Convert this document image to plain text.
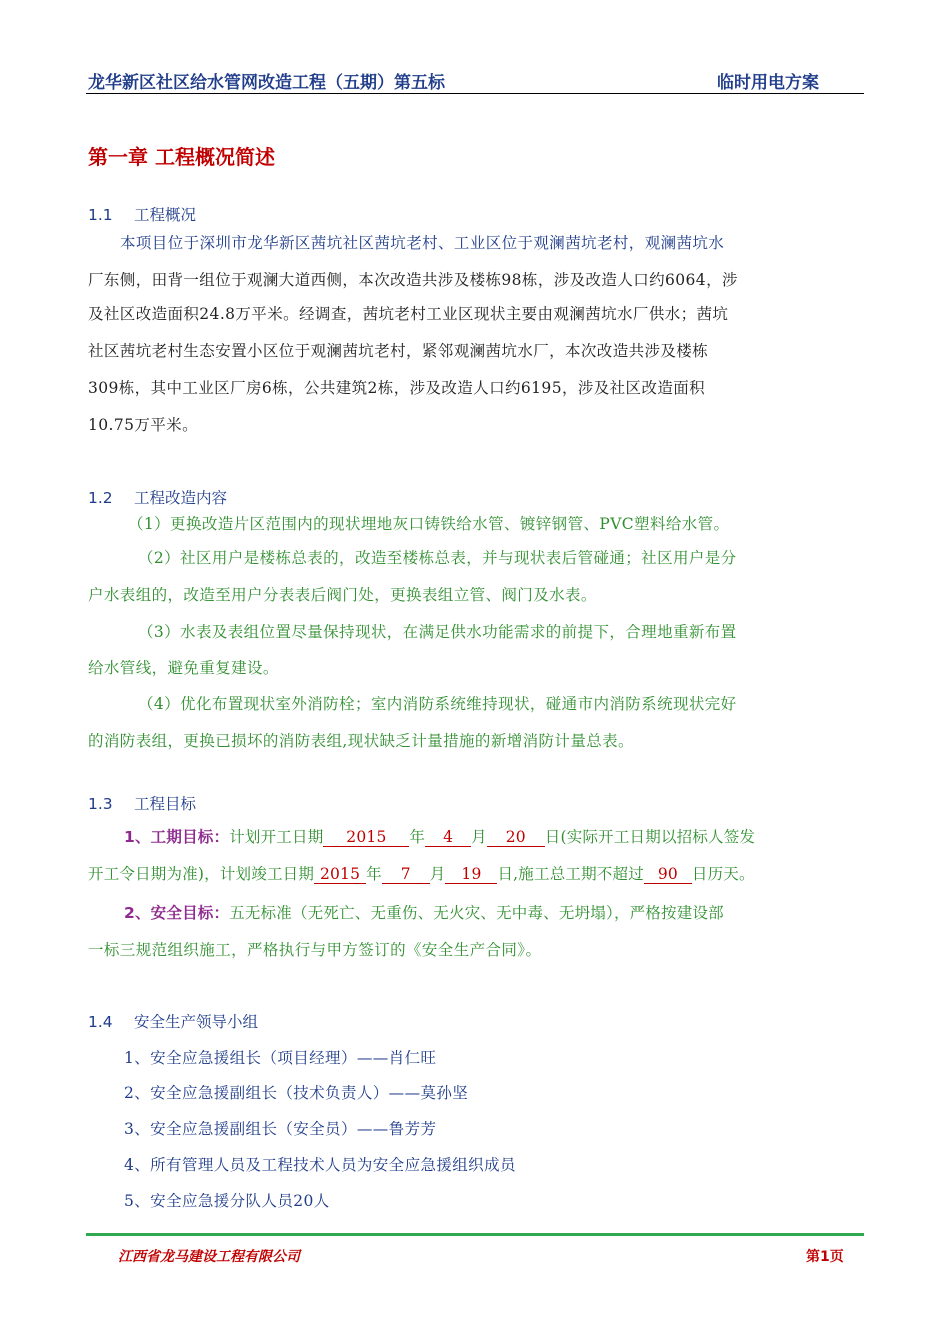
龙华新区社区给水管网改造工程（五期）第五标	临时用电方案
第一章 工程概况简述
1.1 工程概况
本项目位于深圳市龙华新区茜坑社区茜坑老村、工业区位于观澜茜坑老村，观澜茜坑水
厂东侧，田背一组位于观澜大道西侧，本次改造共涉及楼栋98栋，涉及改造人口约6064，涉
及社区改造面积24.8万平米。经调查，茜坑老村工业区现状主要由观澜茜坑水厂供水；茜坑
社区茜坑老村生态安置小区位于观澜茜坑老村，紧邻观澜茜坑水厂，本次改造共涉及楼栋
309栋，其中工业区厂房6栋，公共建筑2栋，涉及改造人口约6195，涉及社区改造面积
10.75万平米。
1.2 工程改造内容
（1）更换改造片区范围内的现状埋地灰口铸铁给水管、镀锌钢管、PVC塑料给水管。
（2）社区用户是楼栋总表的，改造至楼栋总表，并与现状表后管碰通；社区用户是分
户水表组的，改造至用户分表表后阀门处，更换表组立管、阀门及水表。
（3）水表及表组位置尽量保持现状，在满足供水功能需求的前提下，合理地重新布置
给水管线，避免重复建设。
（4）优化布置现状室外消防栓；室内消防系统维持现状，碰通市内消防系统现状完好
的消防表组，更换已损坏的消防表组,现状缺乏计量措施的新增消防计量总表。
1.3 工程目标
1、工期目标：计划开工日期 2015 年 4 月 20 日(实际开工日期以招标人签发
开工令日期为准)，计划竣工日期 2015 年 7 月 19 日,施工总工期不超过 90 日历天。
2、安全目标：五无标准（无死亡、无重伤、无火灾、无中毒、无坍塌），严格按建设部
一标三规范组织施工，严格执行与甲方签订的《安全生产合同》。
1.4 安全生产领导小组
1、安全应急援组长（项目经理）——肖仁旺
2、安全应急援副组长（技术负责人）——莫孙坚
3、安全应急援副组长（安全员）——鲁芳芳
4、所有管理人员及工程技术人员为安全应急援组织成员
5、安全应急援分队人员20人
江西省龙马建设工程有限公司	第1页
